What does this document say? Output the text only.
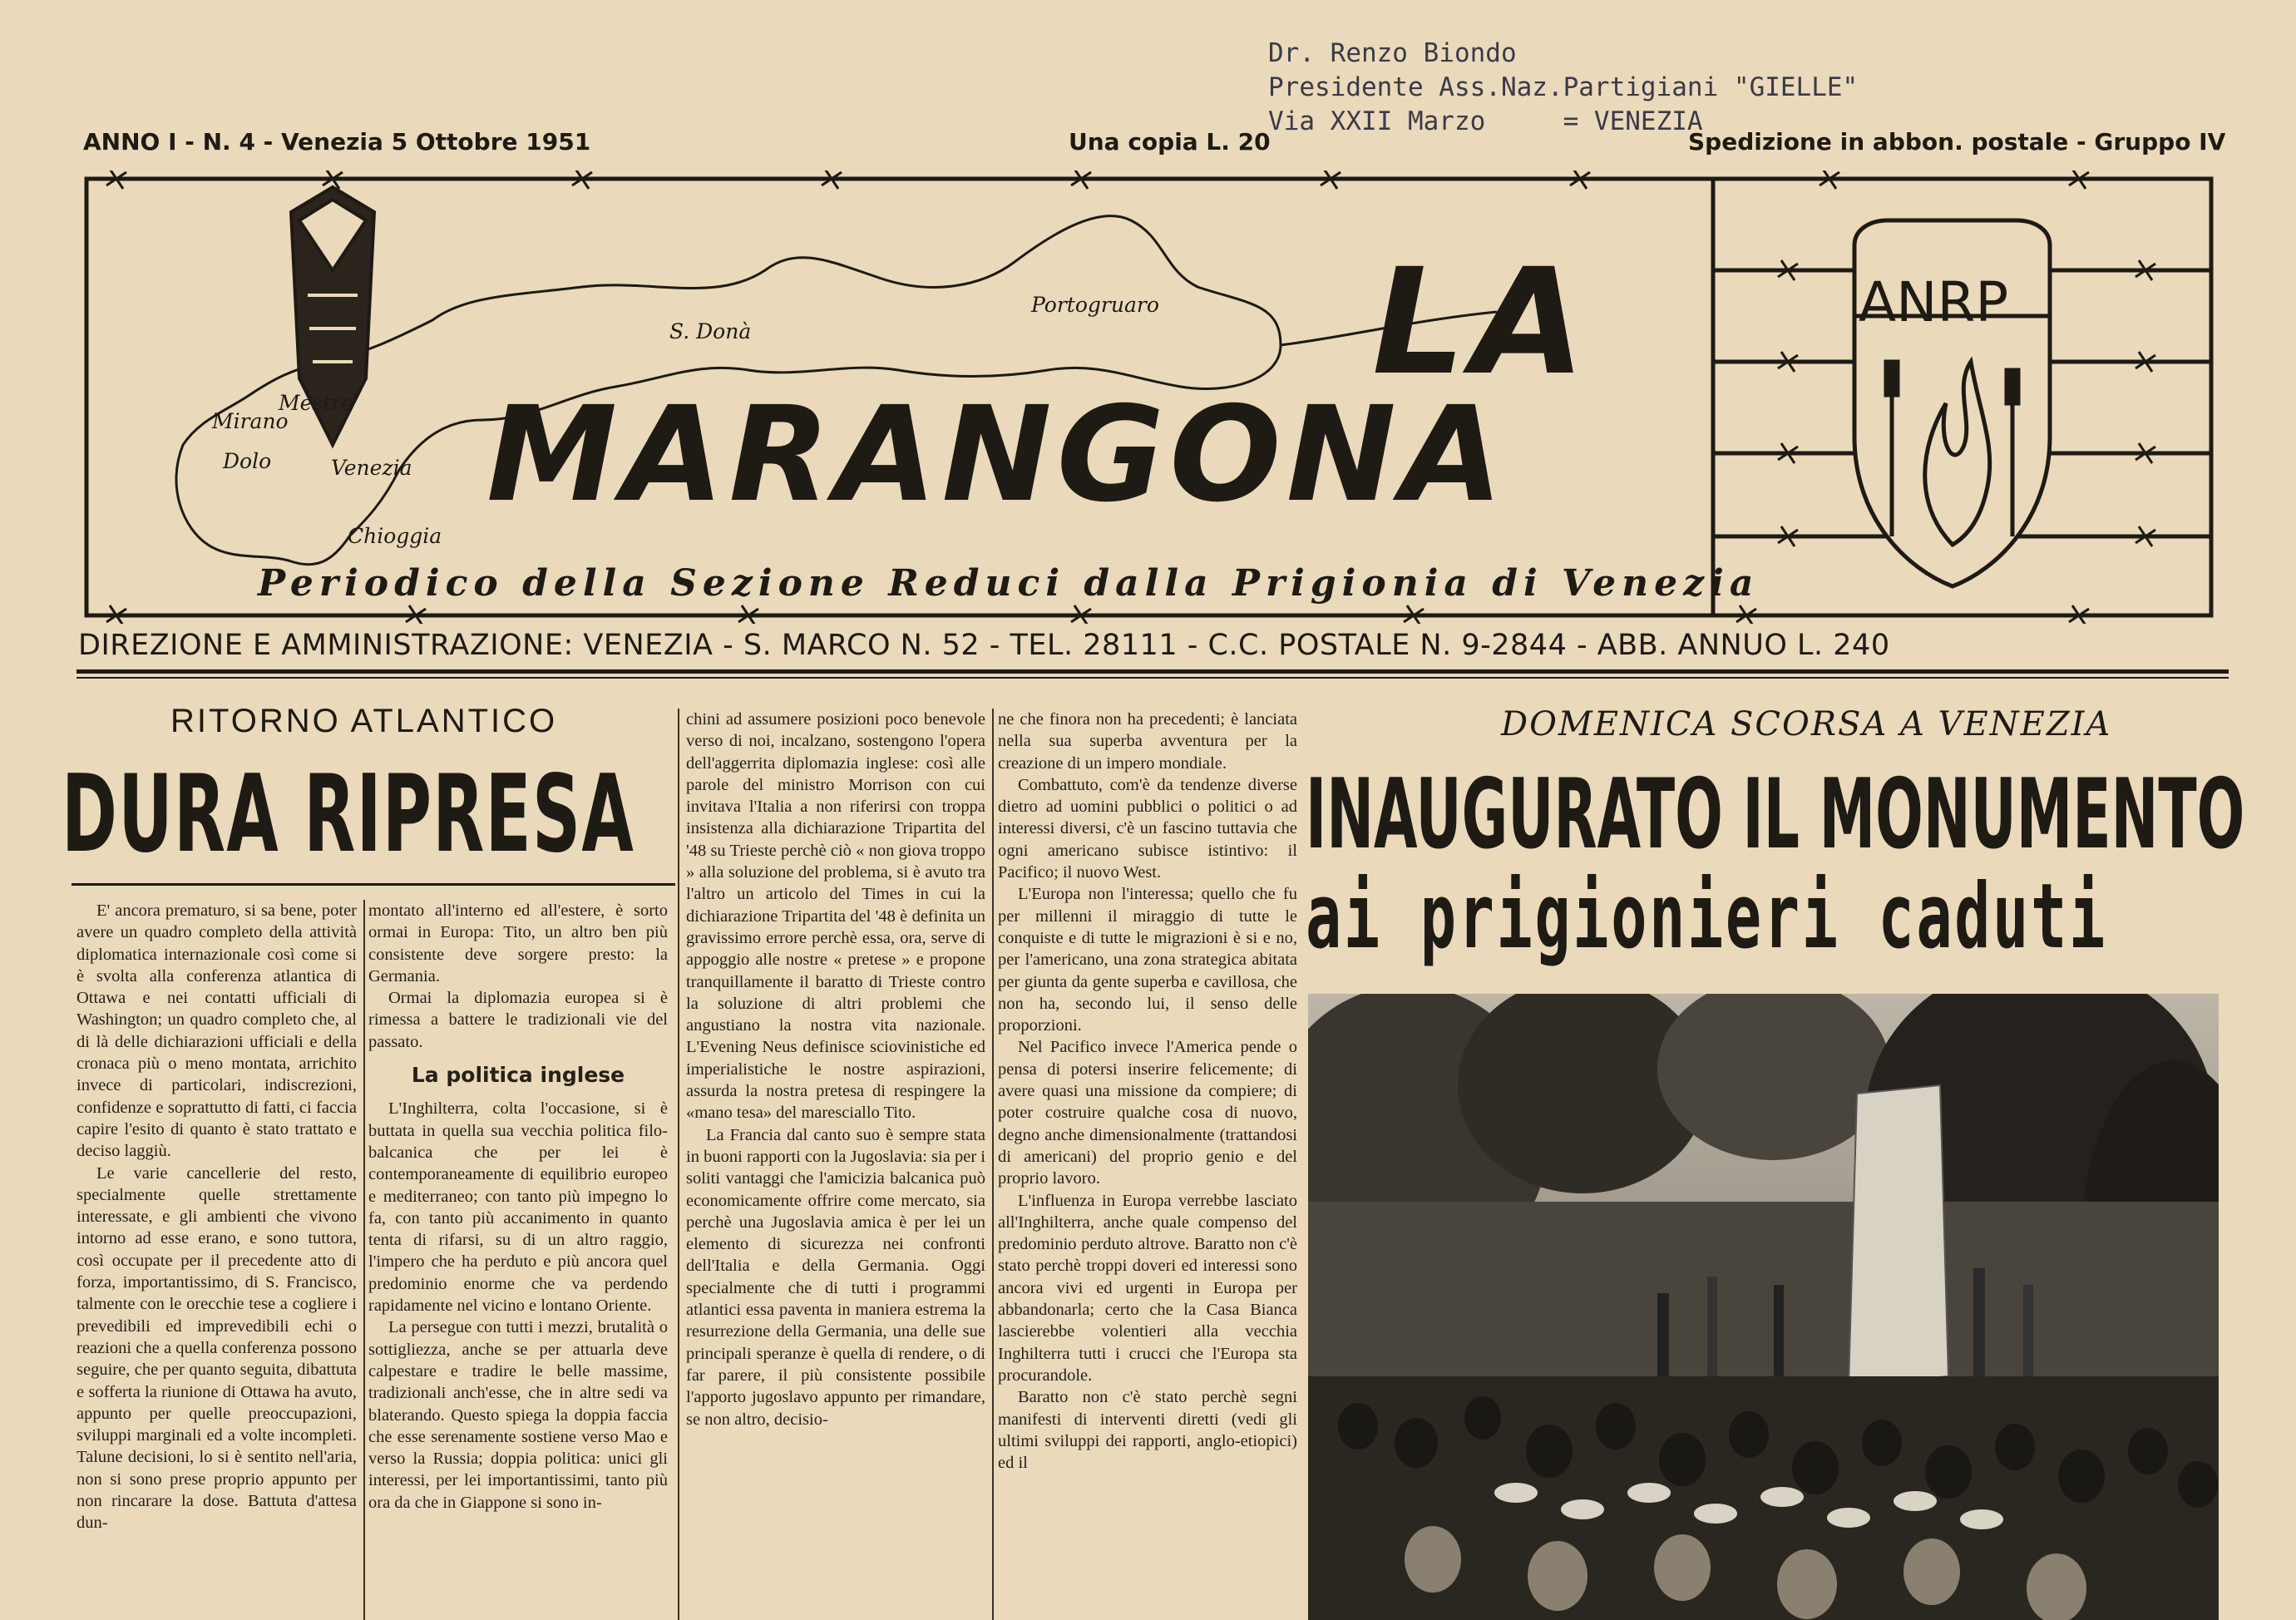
Dr. Renzo Biondo
Presidente Ass.Naz.Partigiani "GIELLE"
Via XXII Marzo     = VENEZIA
ANNO I - N. 4 - Venezia 5 Ottobre 1951	Una copia L. 20	Spedizione in abbon. postale - Gruppo IV
S. Donà
Portogruaro
Mestre
Mirano
Dolo	Venezia
Chioggia
LA
MARANGONA
ANRP
Periodico della Sezione Reduci dalla Prigionia di Venezia
DIREZIONE E AMMINISTRAZIONE: VENEZIA - S. MARCO N. 52 - TEL. 28111 - C.C. POSTALE N. 9-2844 - ABB. ANNUO L. 240
RITORNO ATLANTICO
DURA RIPRESA

E' ancora prematuro, si sa bene, poter avere un quadro completo della attività diplomatica internazionale così come si è svolta alla conferenza atlantica di Ottawa e nei contatti ufficiali di Washington; un quadro completo che, al di là delle dichiarazioni ufficiali e della cronaca più o meno montata, arrichito invece di particolari, indiscrezioni, confidenze e soprattutto di fatti, ci faccia capire l'esito di quanto è stato trattato e deciso laggiù.

Le varie cancellerie del resto, specialmente quelle strettamente interessate, e gli ambienti che vivono intorno ad esse erano, e sono tuttora, così occupate per il precedente atto di forza, importantissimo, di S. Francisco, talmente con le orecchie tese a cogliere i prevedibili ed imprevedibili echi o reazioni che a quella conferenza possono seguire, che per quanto seguita, dibattuta e sofferta la riunione di Ottawa ha avuto, appunto per quelle preoccupazioni, sviluppi marginali ed a volte incompleti. Talune decisioni, lo si è sentito nell'aria, non si sono prese proprio appunto per non rincarare la dose. Battuta d'attesa dun-

montato all'interno ed all'estere, è sorto ormai in Europa: Tito, un altro ben più consistente deve sorgere presto: la Germania.

Ormai la diplomazia europea si è rimessa a battere le tradizionali vie del passato.

La politica inglese

L'Inghilterra, colta l'occasione, si è buttata in quella sua vecchia politica filo-balcanica che per lei è contemporaneamente di equilibrio europeo e mediterraneo; con tanto più impegno lo fa, con tanto più accanimento in quanto tenta di rifarsi, su di un altro raggio, l'impero che ha perduto e più ancora quel predominio enorme che va perdendo rapidamente nel vicino e lontano Oriente.

La persegue con tutti i mezzi, brutalità o sottigliezza, anche se per attuarla deve calpestare e tradire le belle massime, tradizionali anch'esse, che in altre sedi va blaterando. Questo spiega la doppia faccia che esse serenamente sostiene verso Mao e verso la Russia; doppia politica: unici gli interessi, per lei importantissimi, tanto più ora da che in Giappone si sono in-

chini ad assumere posizioni poco benevole verso di noi, incalzano, sostengono l'opera dell'aggerrita diplomazia inglese: così alle parole del ministro Morrison con cui invitava l'Italia a non riferirsi con troppa insistenza alla dichiarazione Tripartita del '48 su Trieste perchè ciò « non giova troppo » alla soluzione del problema, si è avuto tra l'altro un articolo del Times in cui la dichiarazione Tripartita del '48 è definita un gravissimo errore perchè essa, ora, serve di appoggio alle nostre « pretese » e propone tranquillamente il baratto di Trieste contro la soluzione di altri problemi che angustiano la nostra vita nazionale. L'Evening Neus definisce sciovinistiche ed imperialistiche le nostre aspirazioni, assurda la nostra pretesa di respingere la «mano tesa» del maresciallo Tito.

La Francia dal canto suo è sempre stata in buoni rapporti con la Jugoslavia: sia per i soliti vantaggi che l'amicizia balcanica può economicamente offrire come mercato, sia perchè una Jugoslavia amica è per lei un elemento di sicurezza nei confronti dell'Italia e della Germania. Oggi specialmente che di tutti i programmi atlantici essa paventa in maniera estrema la resurrezione della Germania, una delle sue principali speranze è quella di rendere, o di far parere, il più consistente possibile l'apporto jugoslavo appunto per rimandare, se non altro, decisio-

ne che finora non ha precedenti; è lanciata nella sua superba avventura per la creazione di un impero mondiale.

Combattuto, com'è da tendenze diverse dietro ad uomini pubblici o politici o ad interessi diversi, c'è un fascino tuttavia che ogni americano subisce istintivo: il Pacifico; il nuovo West.

L'Europa non l'interessa; quello che fu per millenni il miraggio di tutte le conquiste e di tutte le migrazioni è si e no, per l'americano, una zona strategica abitata per giunta da gente superba e cavillosa, che non ha, secondo lui, il senso delle proporzioni.

Nel Pacifico invece l'America pende o pensa di potersi inserire felicemente; di avere quasi una missione da compiere; di poter costruire qualche cosa di nuovo, degno anche dimensionalmente (trattandosi di americani) del proprio genio e del proprio lavoro.

L'influenza in Europa verrebbe lasciato all'Inghilterra, anche quale compenso del predominio perduto altrove. Baratto non c'è stato perchè troppi doveri ed interessi sono ancora vivi ed urgenti in Europa per abbandonarla; certo che la Casa Bianca lascierebbe volentieri alla vecchia Inghilterra tutti i crucci che l'Europa sta procurandole.

Baratto non c'è stato perchè segni manifesti di interventi diretti (vedi gli ultimi sviluppi dei rapporti, anglo-etiopici) ed il

DOMENICA SCORSA A VENEZIA
INAUGURATO IL MONUMENTO
ai prigionieri caduti
